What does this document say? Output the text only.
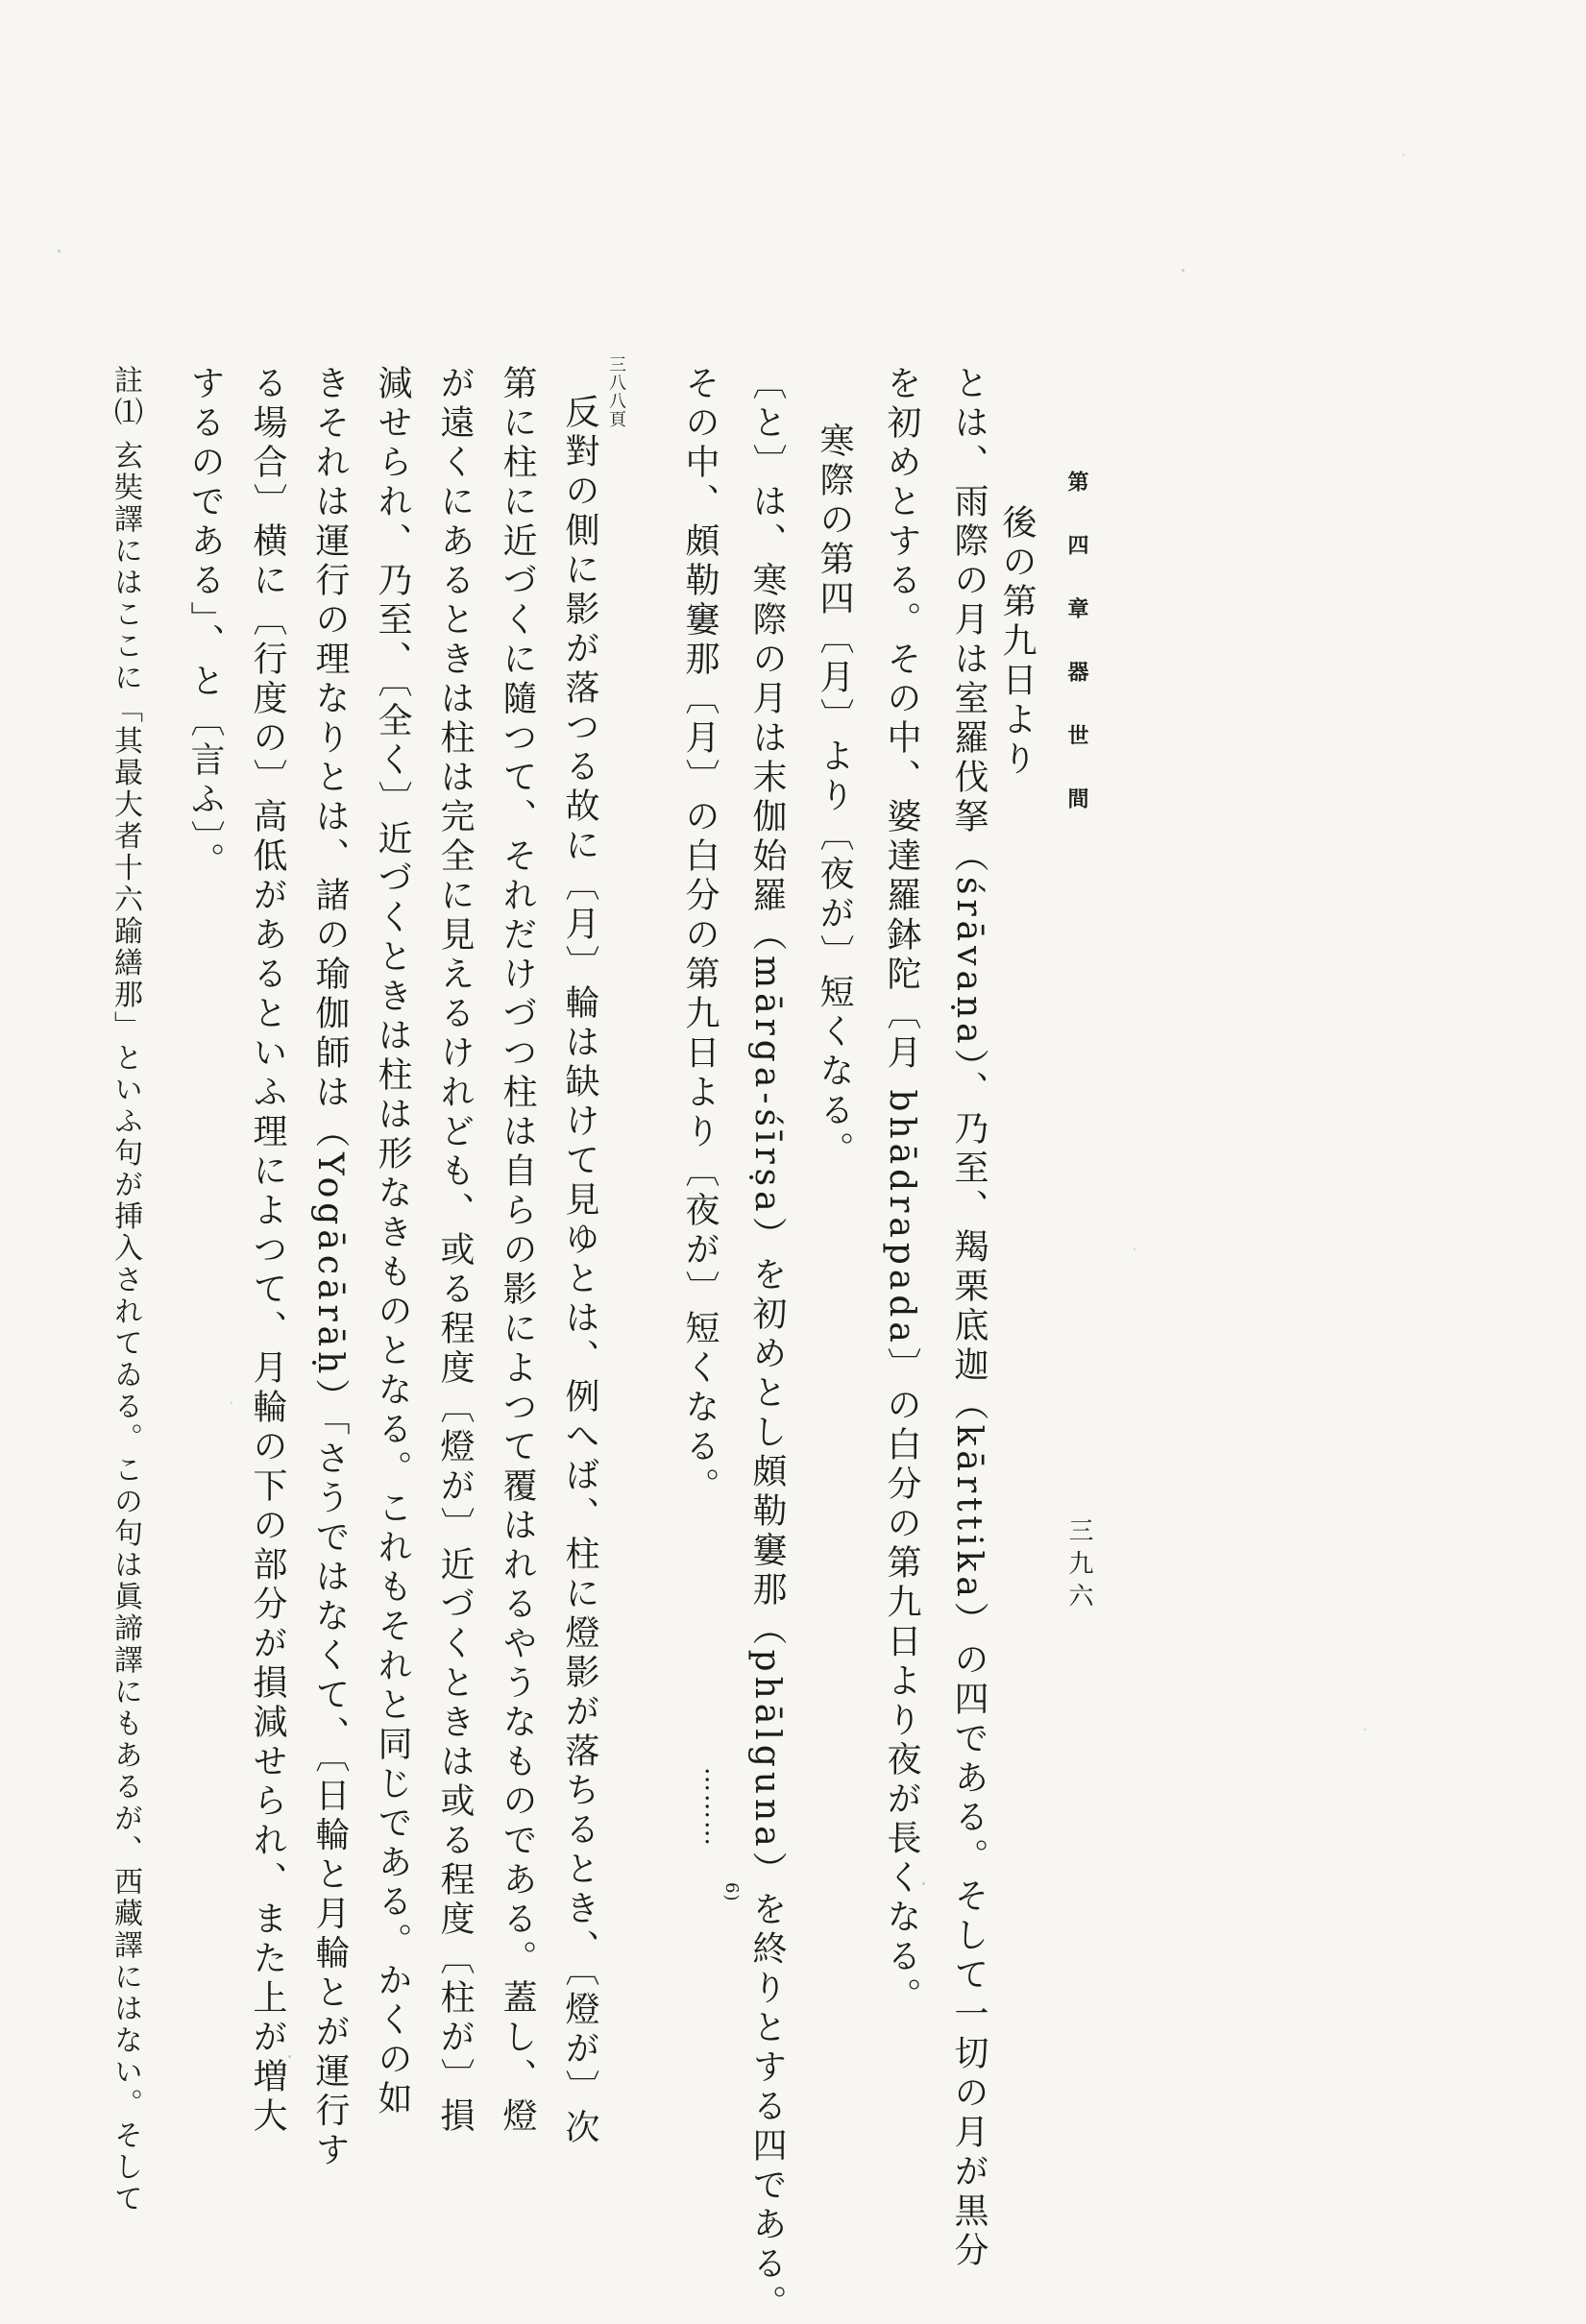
第四章器世間
三九六
後の第九日より
とは、雨際の月は室羅伐拏（śrāvaṇa）、乃至、羯栗底迦（kārttika）の四である。そして一切の月が黒分
を初めとする。その中、婆達羅鉢陀〔月 bhādrapada〕の白分の第九日より夜が長くなる。
寒際の第四〔月〕より〔夜が〕短くなる。
〔と〕は、寒際の月は末伽始羅（mārga-śīrṣa）を初めとし頗勒窶那（phālguna）を終りとする四である。
その中、頗勒窶那〔月〕の白分の第九日より〔夜が〕短くなる。
………
6)
三八八頁
反對の側に影が落つる故に〔月〕輪は缺けて見ゆとは、例へば、柱に燈影が落ちるとき、〔燈が〕次
第に柱に近づくに隨つて、それだけづつ柱は自らの影によつて覆はれるやうなものである。蓋し、燈
が遠くにあるときは柱は完全に見えるけれども、或る程度〔燈が〕近づくときは或る程度〔柱が〕損
減せられ、乃至、〔全く〕近づくときは柱は形なきものとなる。これもそれと同じである。かくの如
きそれは運行の理なりとは、諸の瑜伽師は（Yogācārāḥ）「さうではなくて、〔日輪と月輪とが運行す
る場合〕横に〔行度の〕高低があるといふ理によつて、月輪の下の部分が損減せられ、また上が増大
するのである」、と〔言ふ〕。
註⑴ 玄奘譯にはここに「其最大者十六踰繕那」といふ句が挿入されてゐる。この句は眞諦譯にもあるが、西藏譯にはない。そして
